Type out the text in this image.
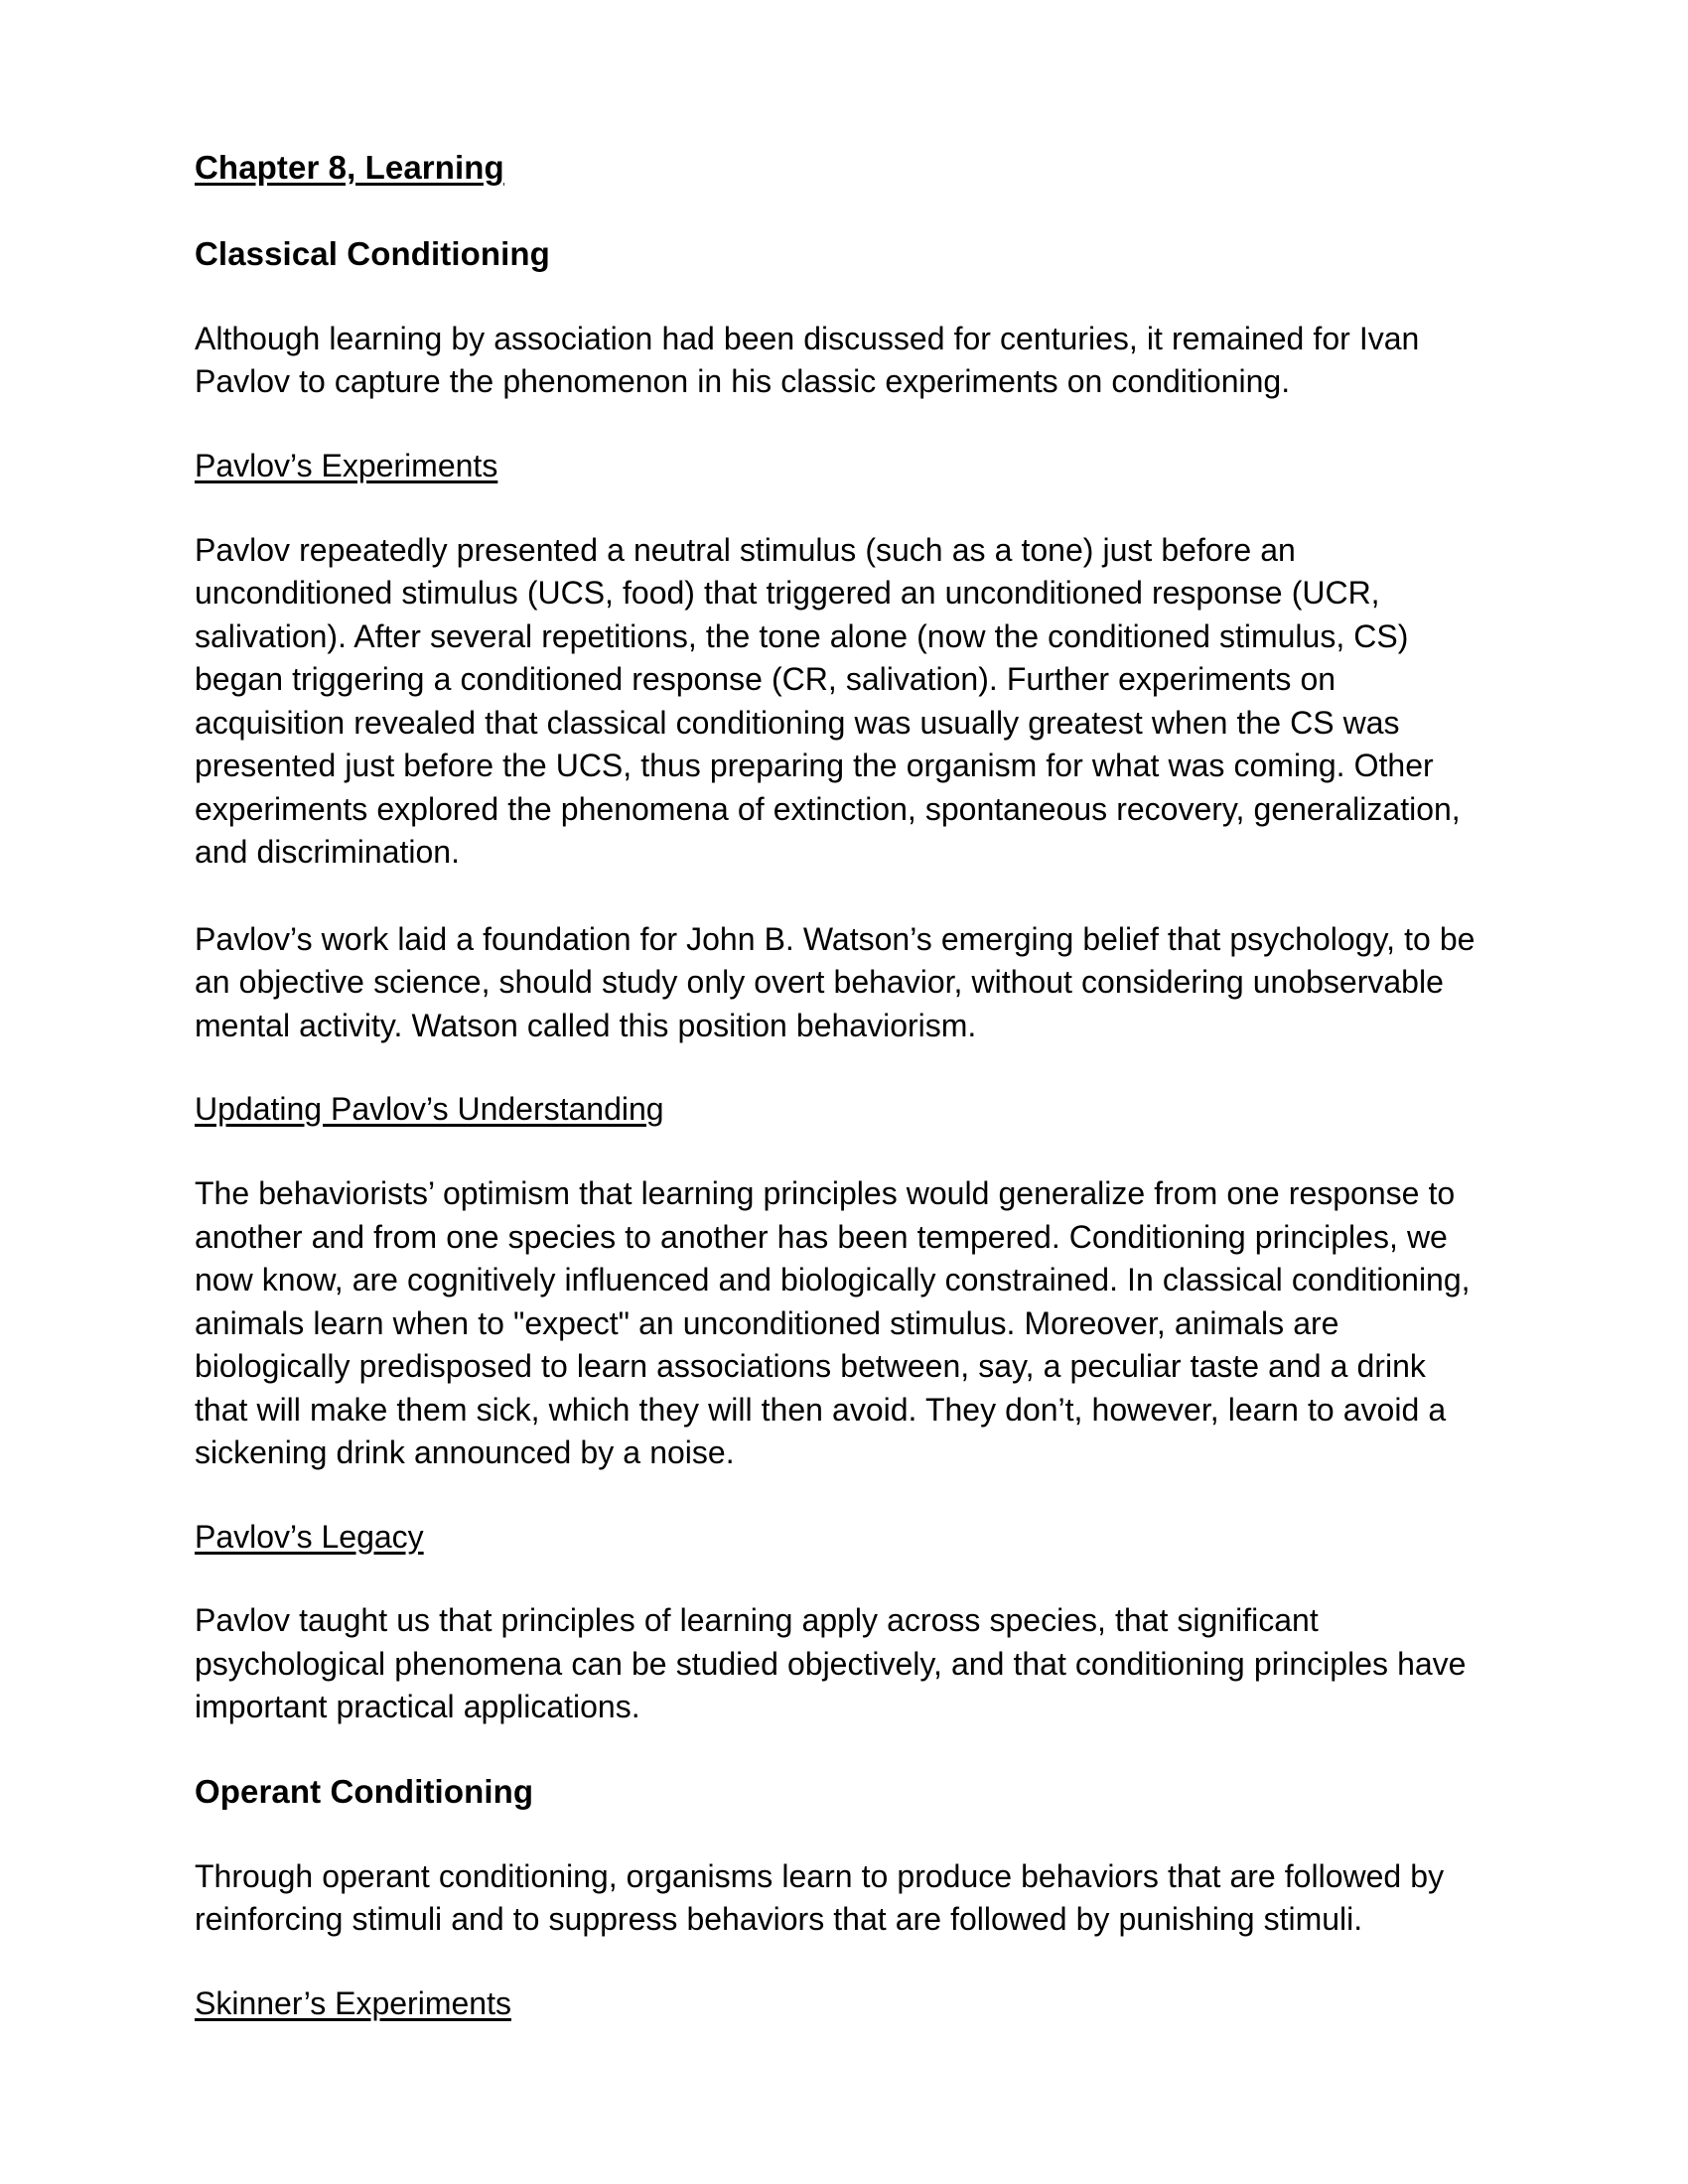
Chapter 8, Learning
Classical Conditioning

Although learning by association had been discussed for centuries, it remained for Ivan Pavlov to capture the phenomenon in his classic experiments on conditioning.

Pavlov’s Experiments

Pavlov repeatedly presented a neutral stimulus (such as a tone) just before an unconditioned stimulus (UCS, food) that triggered an unconditioned response (UCR, salivation). After several repetitions, the tone alone (now the conditioned stimulus, CS) began triggering a conditioned response (CR, salivation). Further experiments on acquisition revealed that classical conditioning was usually greatest when the CS was presented just before the UCS, thus preparing the organism for what was coming. Other experiments explored the phenomena of extinction, spontaneous recovery, generalization, and discrimination.

Pavlov’s work laid a foundation for John B. Watson’s emerging belief that psychology, to be an objective science, should study only overt behavior, without considering unobservable mental activity. Watson called this position behaviorism.

Updating Pavlov’s Understanding

The behaviorists’ optimism that learning principles would generalize from one response to another and from one species to another has been tempered. Conditioning principles, we now know, are cognitively influenced and biologically constrained. In classical conditioning, animals learn when to "expect" an unconditioned stimulus. Moreover, animals are biologically predisposed to learn associations between, say, a peculiar taste and a drink that will make them sick, which they will then avoid. They don’t, however, learn to avoid a sickening drink announced by a noise.

Pavlov’s Legacy

Pavlov taught us that principles of learning apply across species, that significant psychological phenomena can be studied objectively, and that conditioning principles have important practical applications.

Operant Conditioning

Through operant conditioning, organisms learn to produce behaviors that are followed by reinforcing stimuli and to suppress behaviors that are followed by punishing stimuli.

Skinner’s Experiments
